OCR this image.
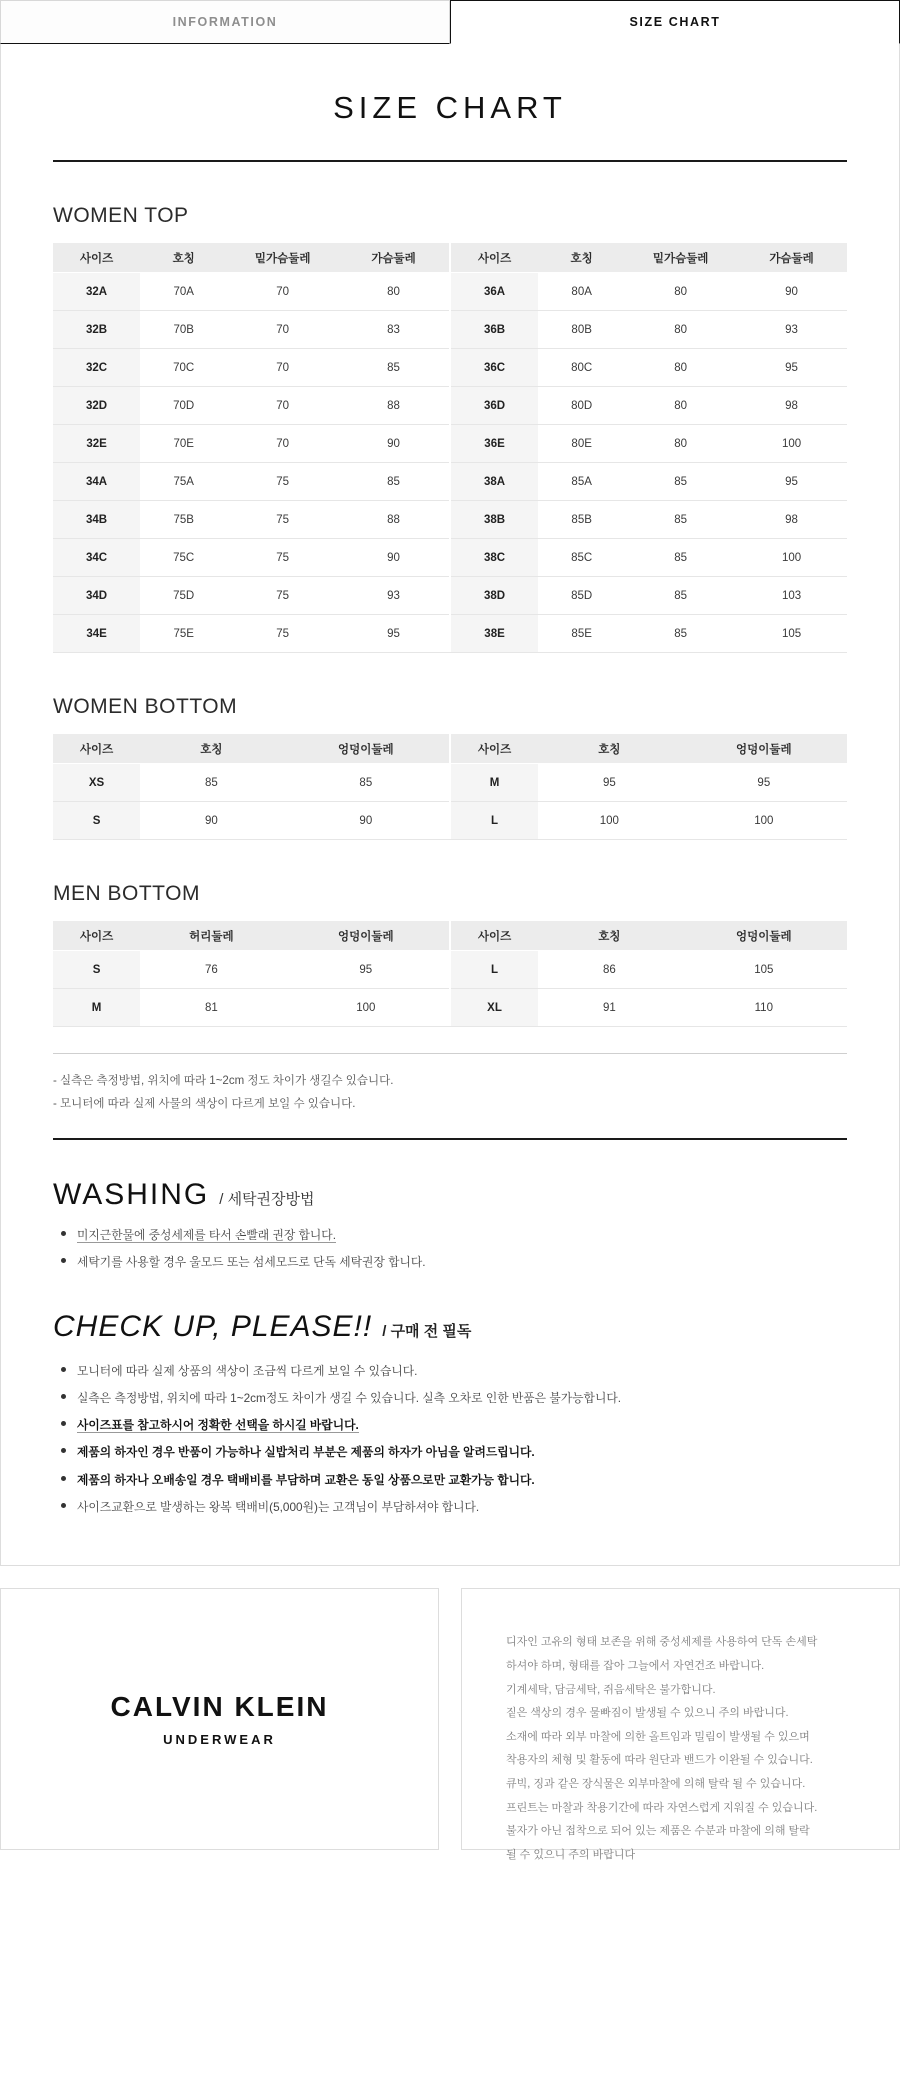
INFORMATION	SIZE CHART
SIZE CHART
WOMEN TOP
사이즈	호칭	밑가슴둘레	가슴둘레		사이즈	호칭	밑가슴둘레	가슴둘레
32A	70A	70	80		36A	80A	80	90
32B	70B	70	83		36B	80B	80	93
32C	70C	70	85		36C	80C	80	95
32D	70D	70	88		36D	80D	80	98
32E	70E	70	90		36E	80E	80	100
34A	75A	75	85		38A	85A	85	95
34B	75B	75	88		38B	85B	85	98
34C	75C	75	90		38C	85C	85	100
34D	75D	75	93		38D	85D	85	103
34E	75E	75	95		38E	85E	85	105
WOMEN BOTTOM
사이즈	호칭	엉덩이둘레		사이즈	호칭	엉덩이둘레
XS	85	85		M	95	95
S	90	90		L	100	100
MEN BOTTOM
사이즈	허리둘레	엉덩이둘레		사이즈	호칭	엉덩이둘레
S	76	95		L	86	105
M	81	100		XL	91	110
- 실측은 측정방법, 위치에 따라 1~2cm 정도 차이가 생길수 있습니다.
- 모니터에 따라 실제 사물의 색상이 다르게 보일 수 있습니다.
WASHING / 세탁권장방법
미지근한물에 중성세제를 타서 손빨래 권장 합니다.
세탁기를 사용할 경우 울모드 또는 섬세모드로 단독 세탁권장 합니다.
CHECK UP, PLEASE!! / 구매 전 필독
모니터에 따라 실제 상품의 색상이 조금씩 다르게 보일 수 있습니다.
실측은 측정방법, 위치에 따라 1~2cm정도 차이가 생길 수 있습니다. 실측 오차로 인한 반품은 불가능합니다.
사이즈표를 참고하시어 정확한 선택을 하시길 바랍니다.
제품의 하자인 경우 반품이 가능하나 실밥처리 부분은 제품의 하자가 아님을 알려드립니다.
제품의 하자나 오배송일 경우 택배비를 부담하며 교환은 동일 상품으로만 교환가능 합니다.
사이즈교환으로 발생하는 왕복 택배비(5,000원)는 고객님이 부담하셔야 합니다.
CALVIN KLEIN
UNDERWEAR
디자인 고유의 형태 보존을 위해 중성세제를 사용하여 단독 손세탁
하셔야 하며, 형태를 잡아 그늘에서 자연건조 바랍니다.
기계세탁, 담금세탁, 쥐음세탁은 불가합니다.
짙은 색상의 경우 물빠짐이 발생될 수 있으니 주의 바랍니다.
소재에 따라 외부 마찰에 의한 올트임과 밀림이 발생될 수 있으며
착용자의 체형 및 활동에 따라 원단과 밴드가 이완될 수 있습니다.
큐빅, 징과 같은 장식물은 외부마찰에 의해 탈락 될 수 있습니다.
프린트는 마찰과 착용기간에 따라 자연스럽게 지워질 수 있습니다.
불자가 아닌 접착으로 되어 있는 제품은 수분과 마찰에 의해 탈락
될 수 있으니 주의 바랍니다
